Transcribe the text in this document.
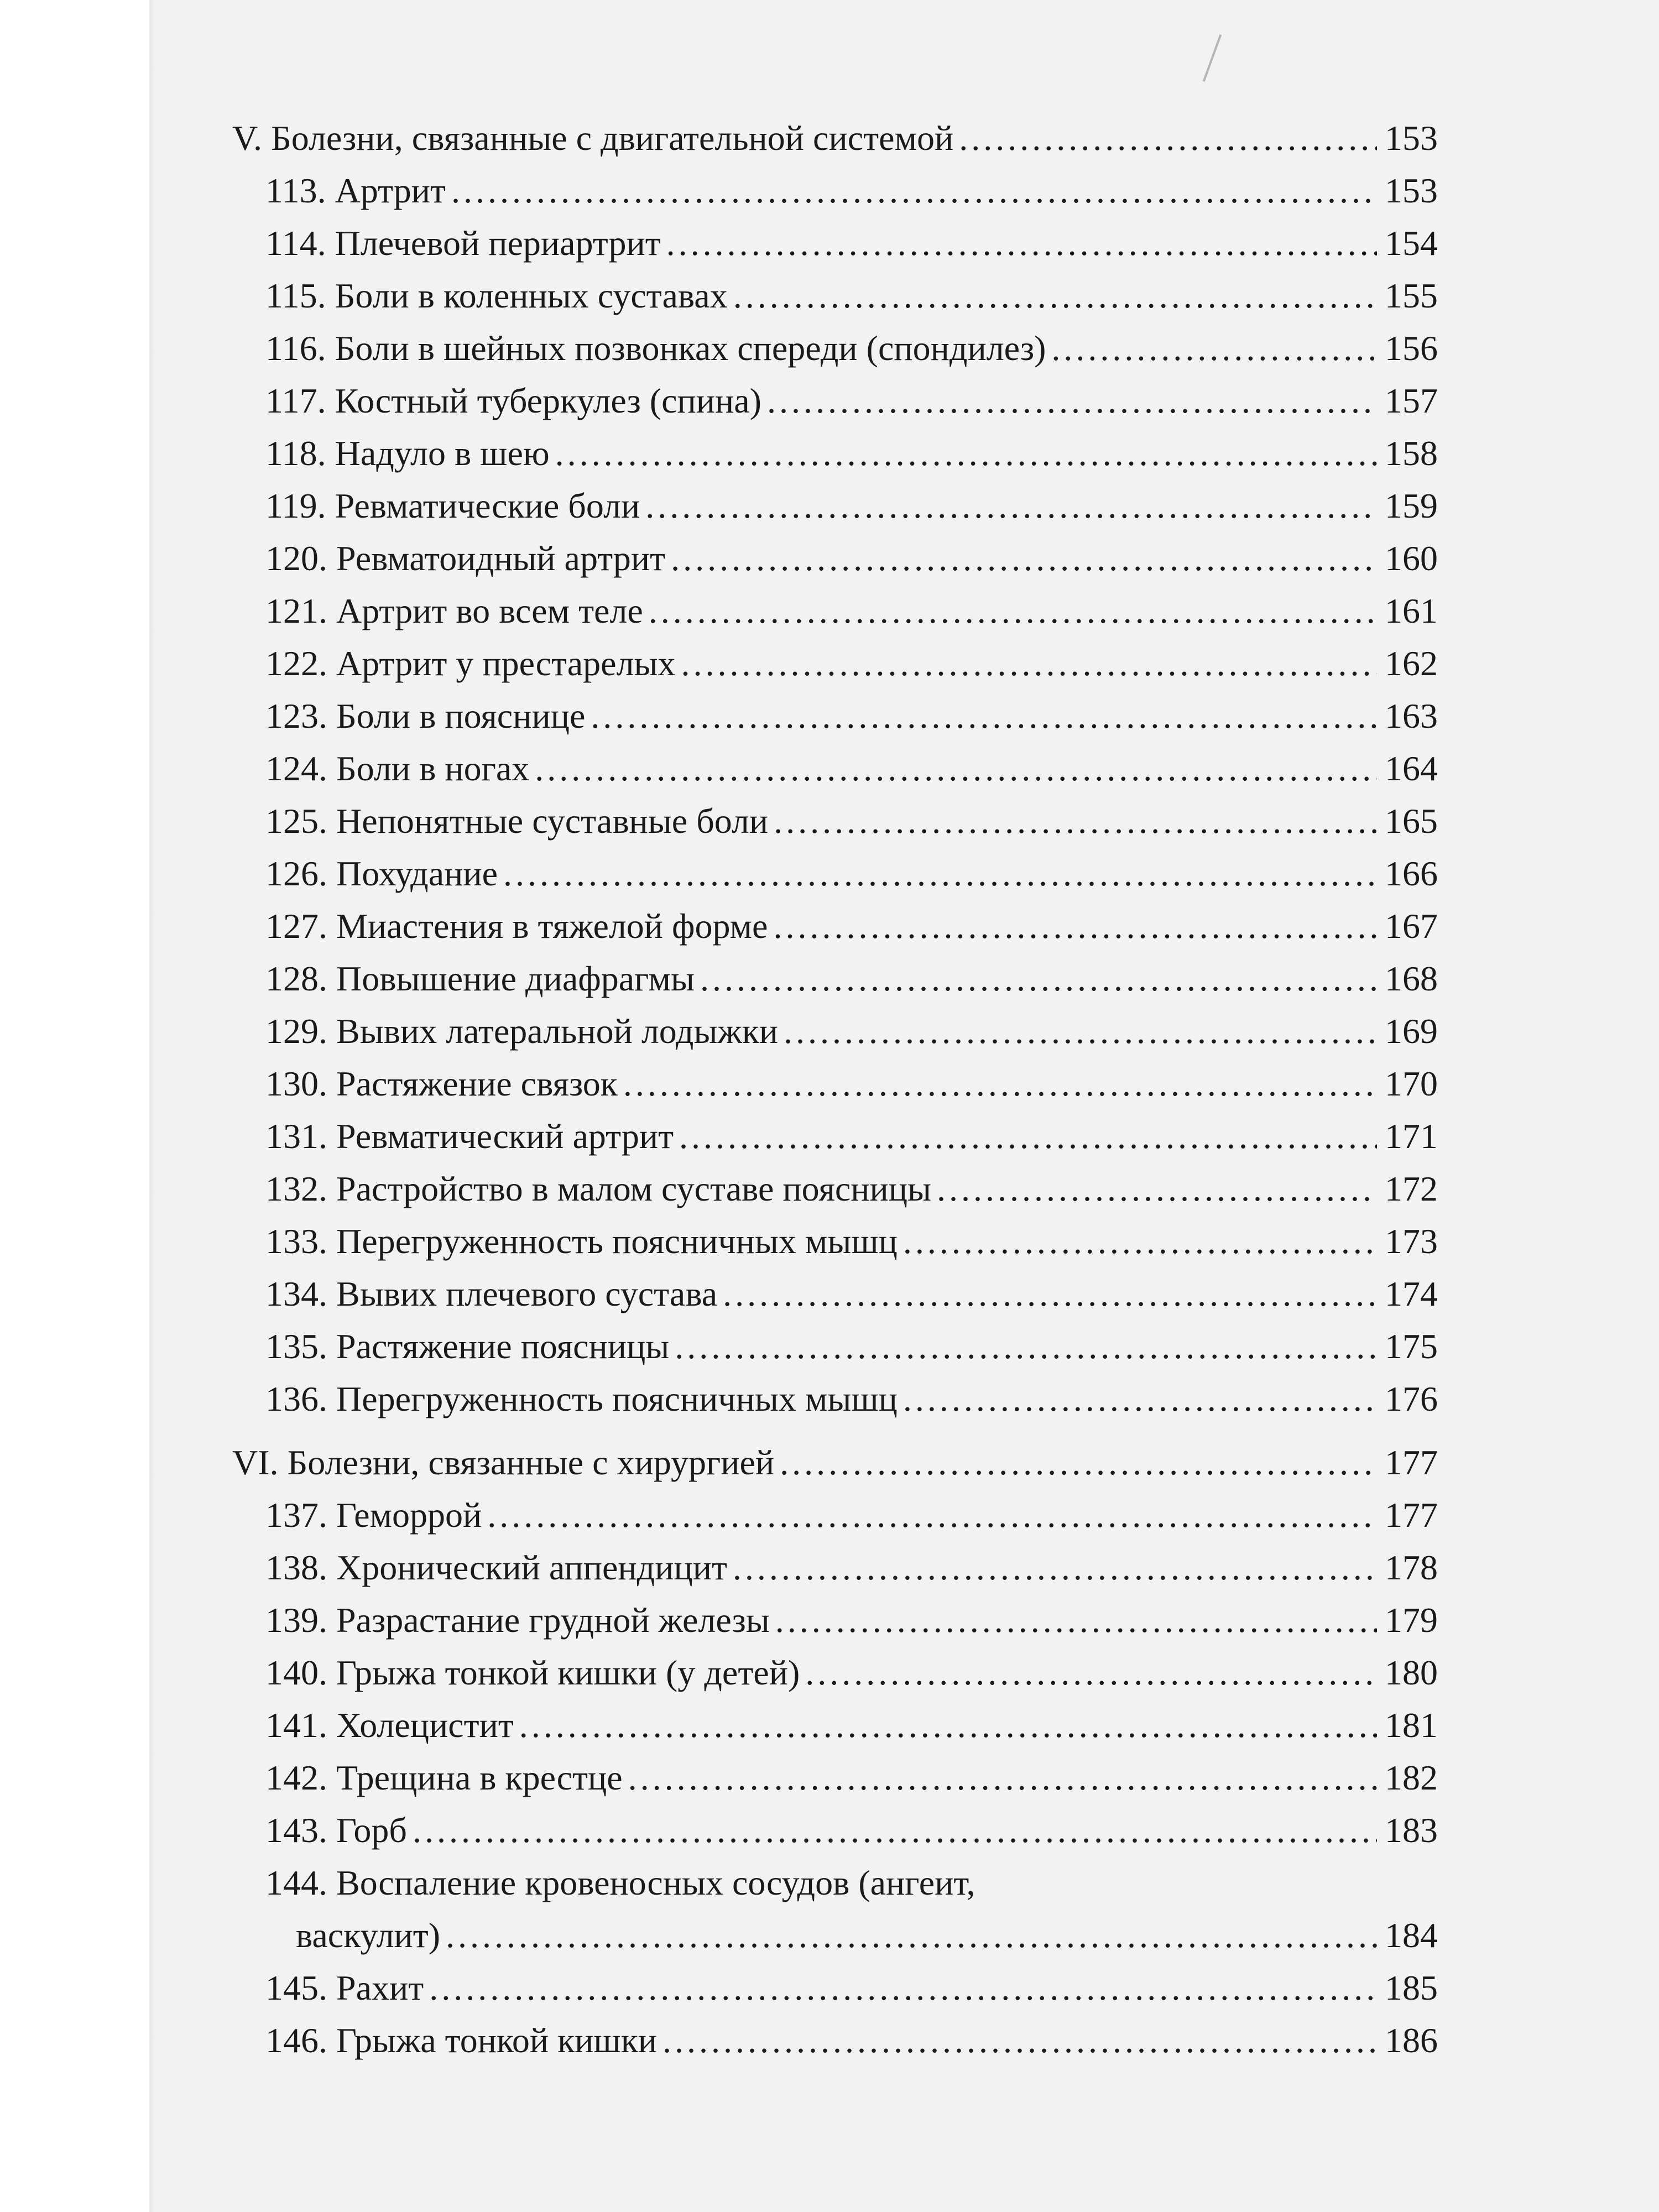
V. Болезни, связанные с двигательной системой .....	153
113. Артрит .....	153
114. Плечевой периартрит .....	154
115. Боли в коленных суставах .....	155
116. Боли в шейных позвонках спереди (спондилез) .....	156
117. Костный туберкулез (спина) .....	157
118. Надуло в шею .....	158
119. Ревматические боли .....	159
120. Ревматоидный артрит .....	160
121. Артрит во всем теле .....	161
122. Артрит у престарелых .....	162
123. Боли в пояснице .....	163
124. Боли в ногах .....	164
125. Непонятные суставные боли .....	165
126. Похудание .....	166
127. Миастения в тяжелой форме .....	167
128. Повышение диафрагмы .....	168
129. Вывих латеральной лодыжки .....	169
130. Растяжение связок .....	170
131. Ревматический артрит .....	171
132. Растройство в малом суставе поясницы .....	172
133. Перегруженность поясничных мышц .....	173
134. Вывих плечевого сустава .....	174
135. Растяжение поясницы .....	175
136. Перегруженность поясничных мышц .....	176
VI. Болезни, связанные с хирургией .....	177
137. Геморрой .....	177
138. Хронический аппендицит .....	178
139. Разрастание грудной железы .....	179
140. Грыжа тонкой кишки (у детей) .....	180
141. Холецистит .....	181
142. Трещина в крестце .....	182
143. Горб .....	183
144. Воспаление кровеносных сосудов (ангеит,
васкулит) .....	184
145. Рахит .....	185
146. Грыжа тонкой кишки .....	186
